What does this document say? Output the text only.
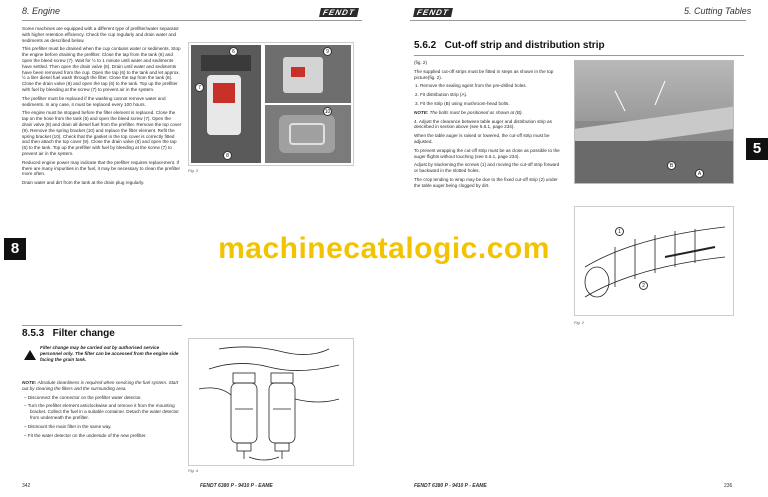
8. Engine	FENDT

Some machines are equipped with a different type of prefilter/water separator with higher retention efficiency. Check the cup regularly and drain water and sediments as described below.

This prefilter must be drained when the cup contains water or sediments. Stop the engine before draining the prefilter. Close the tap from the tank (6) and open the bleed screw (7). Wait for ½ to 1 minute until water and sediments have settled. Then open the drain valve (8). Drain until water and sediments have been removed from the cup. Open the tap (6) to the tank and let approx. ½ a liter diesel fuel wash through the filter. Close the tap from the tank (6). Close the drain valve (8) and open the tap (6) to the tank. Top up the prefilter with fuel by bleeding at the screw (7) to prevent air in the system.

The prefilter must be replaced if the washing cannot remove water and sediments. In any case, it must be replaced every 100 hours.

The engine must be stopped before the filter element is replaced. Close the tap on the hose from the tank (6) and open the bleed screw (7). Open the drain valve (8) and drain all diesel fuel from the prefilter. Remove the top cover (9). Remove the spring bracket (10) and replace the filter element. Refit the spring bracket (10). Check that the gasket in the top cover is correctly fitted and then attach the top cover (9). Close the drain valve (8) and open the tap (6) to the tank. Top up the prefilter with fuel by bleeding at the screw (7) to prevent air in the system.

Reduced engine power may indicate that the prefilter requires replacement. If there are many impurities in the fuel, it may be necessary to clean the prefilter more often.

Drain water and dirt from the tank at the drain plug regularly.

6
7
8
9
10
Fig. 3
8
8.5.3 Filter change
Filter change may be carried out by authorised service personnel only. The filter can be accessed from the engine side facing the grain tank.

NOTE: Absolute cleanliness is required when servicing the fuel system. Start out by cleaning the filters and the surrounding area.

– Disconnect the connector on the prefilter water detector.
– Turn the prefilter element anticlockwise and remove it from the mounting bracket. Collect the fuel in a suitable container. Detach the water detector from underneath the prefilter.
– Dismount the main filter in the same way.
– Fit the water detector on the underside of the new prefilter.
Fig. 4
342	FENDT 6380 P - 9410 P - EAME
FENDT	5. Cutting Tables
5.6.2 Cut-off strip and distribution strip

(fig. 2)

The supplied cut-off strips must be fitted in steps as shown in the top picture(fig. 2).

1. Remove the sealing agent from the pre-drilled holes.
2. Fit distribution strip (A).
3. Fit the strip (B) using mushroom-head bolts.

NOTE: The bolts must be positioned as shown at (B).

4. Adjust the clearance between table auger and distribution strip as described in section above (see 5.6.1, page 234).

When the table auger is raised or lowered, the cut-off strip must be adjusted.

To prevent wrapping the cut-off strip must be as close as possible to the auger flights without touching (see 5.6.1, page 234).

Adjust by slackening the screws (1) and moving the cut-off strip forward or backward in the slotted holes.

The crop tending to wrap may be due to the fixed cut-off strip (2) under the table auger being clogged by dirt.

B
A
1
2
Fig. 2
5
FENDT 6380 P - 9410 P - EAME	236
machinecatalogic.com
